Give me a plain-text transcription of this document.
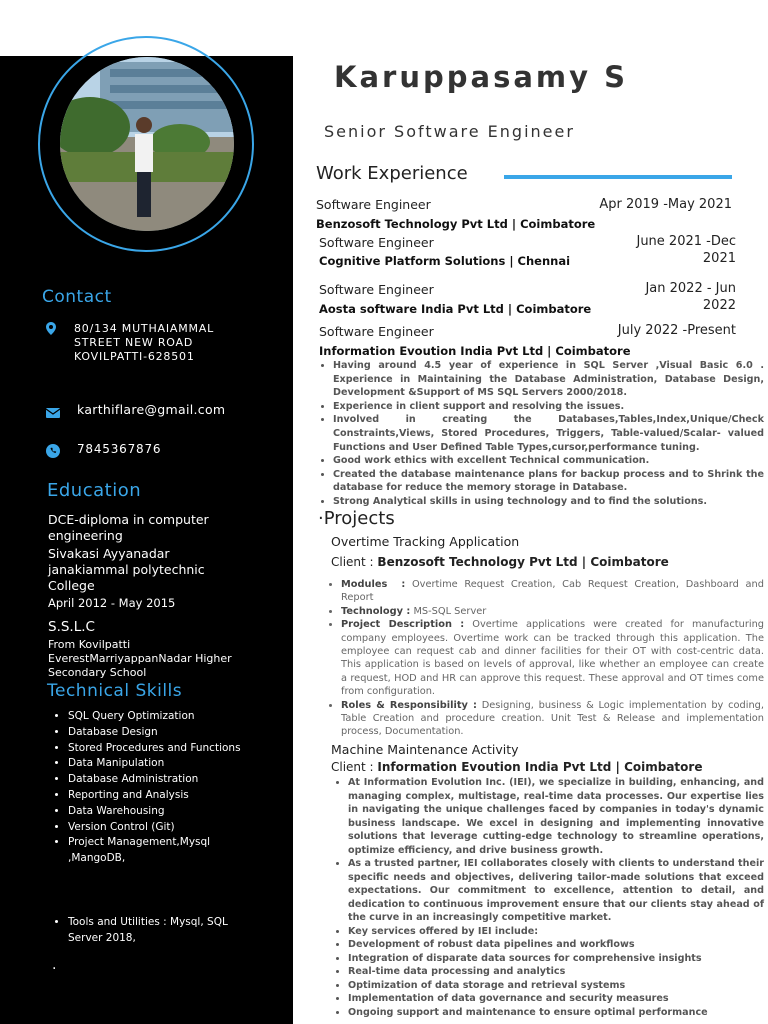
Contact
80/134 MUTHAIAMMAL
STREET NEW ROAD
KOVILPATTI-628501
karthiflare@gmail.com
7845367876
Education
DCE-diploma in computer
engineering
Sivakasi Ayyanadar
janakiammal polytechnic
College
April 2012 - May 2015
S.S.L.C
From Kovilpatti
EverestMarriyappanNadar Higher
Secondary School
Technical Skills
• SQL Query Optimization
• Database Design
• Stored Procedures and Functions
• Data Manipulation
• Database Administration
• Reporting and Analysis
• Data Warehousing
• Version Control (Git)
• Project Management,Mysql ,MangoDB,
• Tools and Utilities : Mysql, SQL Server 2018,
.
Karuppasamy S
Senior Software Engineer
Work Experience
Software Engineer
Benzosoft Technology Pvt Ltd | Coimbatore
Apr 2019 -May 2021
Software Engineer
Cognitive Platform Solutions | Chennai
June 2021 -Dec
2021
Software Engineer
Aosta software India Pvt Ltd | Coimbatore
Jan 2022 - Jun
2022
Software Engineer
Information Evoution India Pvt Ltd | Coimbatore
July 2022 -Present
• Having around 4.5 year of experience in SQL Server ,Visual Basic 6.0 . Experience in Maintaining the Database Administration, Database Design, Development &Support of MS SQL Servers 2000/2018.
• Experience in client support and resolving the issues.
• Involved in creating the Databases,Tables,Index,Unique/Check Constraints,Views, Stored Procedures, Triggers, Table-valued/Scalar- valued Functions and User Defined Table Types,cursor,performance tuning.
• Good work ethics with excellent Technical communication.
• Created the database maintenance plans for backup process and to Shrink the database for reduce the memory storage in Database.
• Strong Analytical skills in using technology and to find the solutions.
·Projects
Overtime Tracking Application
Client : Benzosoft Technology Pvt Ltd | Coimbatore
• Modules : Overtime Request Creation, Cab Request Creation, Dashboard and Report
• Technology : MS-SQL Server
• Project Description : Overtime applications were created for manufacturing company employees. Overtime work can be tracked through this application. The employee can request cab and dinner facilities for their OT with cost-centric data. This application is based on levels of approval, like whether an employee can create a request, HOD and HR can approve this request. These approval and OT times come from configuration.
• Roles & Responsibility : Designing, business & Logic implementation by coding, Table Creation and procedure creation. Unit Test & Release and implementation process, Documentation.
Machine Maintenance Activity
Client : Information Evoution India Pvt Ltd | Coimbatore
• At Information Evolution Inc. (IEI), we specialize in building, enhancing, and managing complex, multistage, real-time data processes. Our expertise lies in navigating the unique challenges faced by companies in today's dynamic business landscape. We excel in designing and implementing innovative solutions that leverage cutting-edge technology to streamline operations, optimize efficiency, and drive business growth.
• As a trusted partner, IEI collaborates closely with clients to understand their specific needs and objectives, delivering tailor-made solutions that exceed expectations. Our commitment to excellence, attention to detail, and dedication to continuous improvement ensure that our clients stay ahead of the curve in an increasingly competitive market.
• Key services offered by IEI include:
• Development of robust data pipelines and workflows
• Integration of disparate data sources for comprehensive insights
• Real-time data processing and analytics
• Optimization of data storage and retrieval systems
• Implementation of data governance and security measures
• Ongoing support and maintenance to ensure optimal performance
